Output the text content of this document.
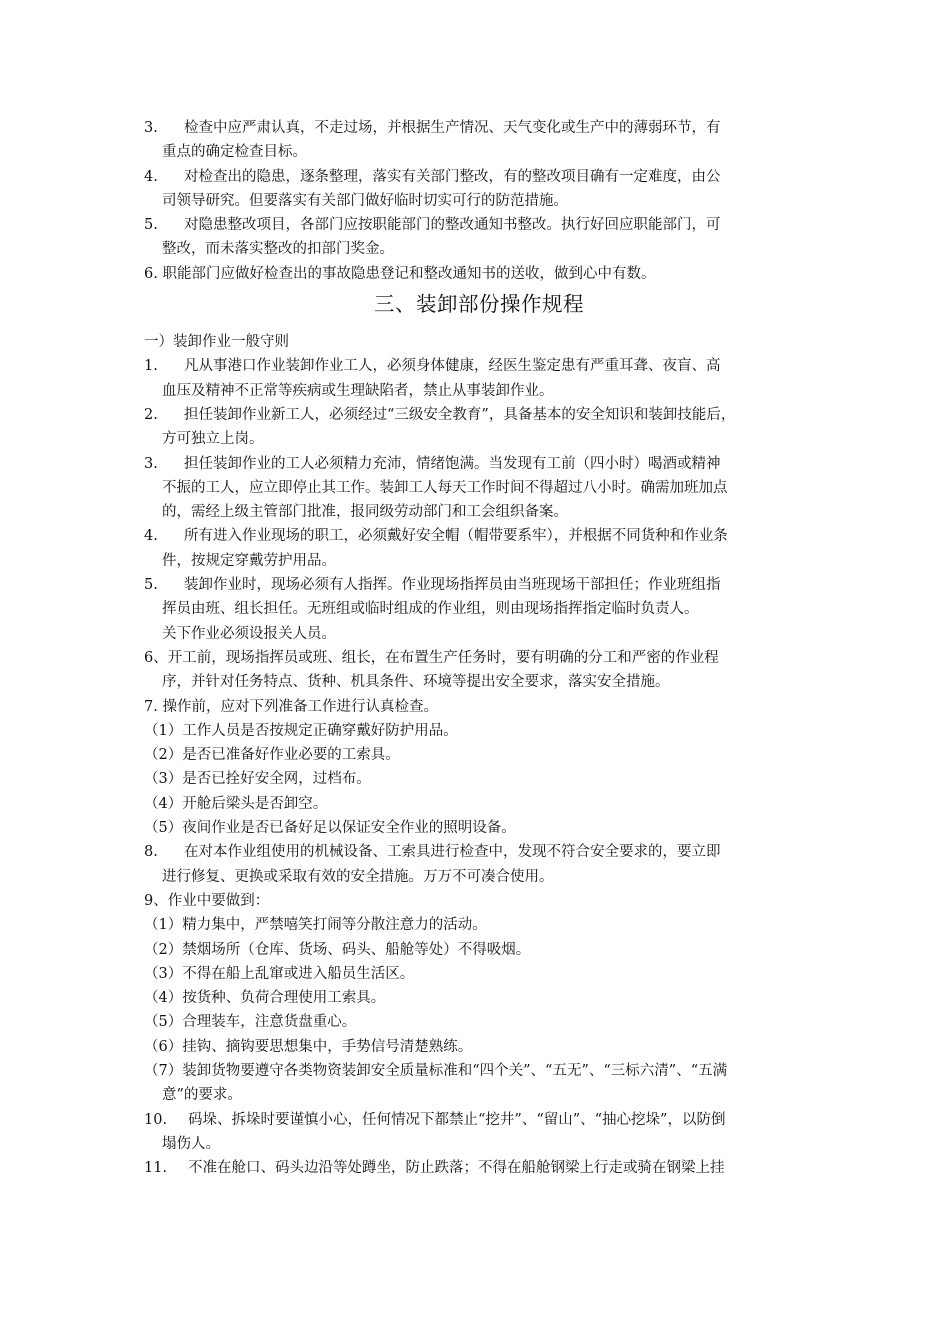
3.	检查中应严肃认真，不走过场，并根据生产情况、天气变化或生产中的薄弱环节，有
重点的确定检查目标。
4.	对检查出的隐患，逐条整理，落实有关部门整改，有的整改项目确有一定难度，由公
司领导研究。但要落实有关部门做好临时切实可行的防范措施。
5.	对隐患整改项目，各部门应按职能部门的整改通知书整改。执行好回应职能部门，可
整改，而未落实整改的扣部门奖金。
6. 职能部门应做好检查出的事故隐患登记和整改通知书的送收，做到心中有数。
三、装卸部份操作规程
一）装卸作业一般守则
1.	凡从事港口作业装卸作业工人，必须身体健康，经医生鉴定患有严重耳聋、夜盲、高
血压及精神不正常等疾病或生理缺陷者，禁止从事装卸作业。
2.	担任装卸作业新工人，必须经过“三级安全教育”，具备基本的安全知识和装卸技能后，
方可独立上岗。
3.	担任装卸作业的工人必须精力充沛，情绪饱满。当发现有工前（四小时）喝酒或精神
不振的工人，应立即停止其工作。装卸工人每天工作时间不得超过八小时。确需加班加点
的，需经上级主管部门批准，报同级劳动部门和工会组织备案。
4.	所有进入作业现场的职工，必须戴好安全帽（帽带要系牢），并根据不同货种和作业条
件，按规定穿戴劳护用品。
5.	装卸作业时，现场必须有人指挥。作业现场指挥员由当班现场干部担任；作业班组指
挥员由班、组长担任。无班组或临时组成的作业组，则由现场指挥指定临时负责人。
关下作业必须设报关人员。
6、开工前，现场指挥员或班、组长，在布置生产任务时，要有明确的分工和严密的作业程
序，并针对任务特点、货种、机具条件、环境等提出安全要求，落实安全措施。
7. 操作前，应对下列准备工作进行认真检查。
（1）工作人员是否按规定正确穿戴好防护用品。
（2）是否已准备好作业必要的工索具。
（3）是否已拴好安全网，过档布。
（4）开舱后梁头是否卸空。
（5）夜间作业是否已备好足以保证安全作业的照明设备。
8.	在对本作业组使用的机械设备、工索具进行检查中，发现不符合安全要求的，要立即
进行修复、更换或采取有效的安全措施。万万不可凑合使用。
9、作业中要做到：
（1）精力集中，严禁嘻笑打闹等分散注意力的活动。
（2）禁烟场所（仓库、货场、码头、船舱等处）不得吸烟。
（3）不得在船上乱窜或进入船员生活区。
（4）按货种、负荷合理使用工索具。
（5）合理装车，注意货盘重心。
（6）挂钩、摘钩要思想集中，手势信号清楚熟练。
（7）装卸货物要遵守各类物资装卸安全质量标准和“四个关”、“五无”、“三标六清”、“五满
意”的要求。
10.	码垛、拆垛时要谨慎小心，任何情况下都禁止“挖井”、“留山”、“抽心挖垛”，以防倒
塌伤人。
11.	不准在舱口、码头边沿等处蹲坐，防止跌落；不得在船舱钢梁上行走或骑在钢梁上挂
